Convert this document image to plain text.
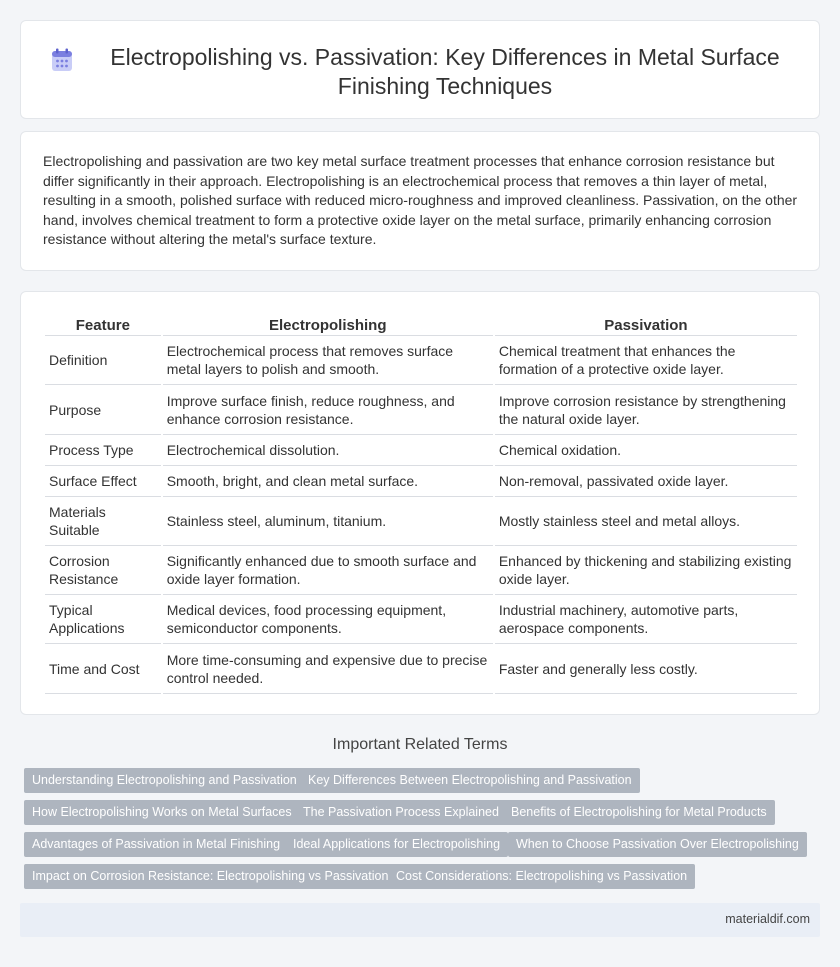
Electropolishing vs. Passivation: Key Differences in Metal Surface Finishing Techniques

Electropolishing and passivation are two key metal surface treatment processes that enhance corrosion resistance but differ significantly in their approach. Electropolishing is an electrochemical process that removes a thin layer of metal, resulting in a smooth, polished surface with reduced micro-roughness and improved cleanliness. Passivation, on the other hand, involves chemical treatment to form a protective oxide layer on the metal surface, primarily enhancing corrosion resistance without altering the metal's surface texture.

Feature	Electropolishing	Passivation
Definition	Electrochemical process that removes surface metal layers to polish and smooth.	Chemical treatment that enhances the formation of a protective oxide layer.
Purpose	Improve surface finish, reduce roughness, and enhance corrosion resistance.	Improve corrosion resistance by strengthening the natural oxide layer.
Process Type	Electrochemical dissolution.	Chemical oxidation.
Surface Effect	Smooth, bright, and clean metal surface.	Non-removal, passivated oxide layer.
Materials Suitable	Stainless steel, aluminum, titanium.	Mostly stainless steel and metal alloys.
Corrosion Resistance	Significantly enhanced due to smooth surface and oxide layer formation.	Enhanced by thickening and stabilizing existing oxide layer.
Typical Applications	Medical devices, food processing equipment, semiconductor components.	Industrial machinery, automotive parts, aerospace components.
Time and Cost	More time-consuming and expensive due to precise control needed.	Faster and generally less costly.
Important Related Terms
Understanding Electropolishing and Passivation Key Differences Between Electropolishing and Passivation
How Electropolishing Works on Metal Surfaces The Passivation Process Explained Benefits of Electropolishing for Metal Products
Advantages of Passivation in Metal Finishing	Ideal Applications for Electropolishing	When to Choose Passivation Over Electropolishing
Impact on Corrosion Resistance: Electropolishing vs Passivation Cost Considerations: Electropolishing vs Passivation
materialdif.com
